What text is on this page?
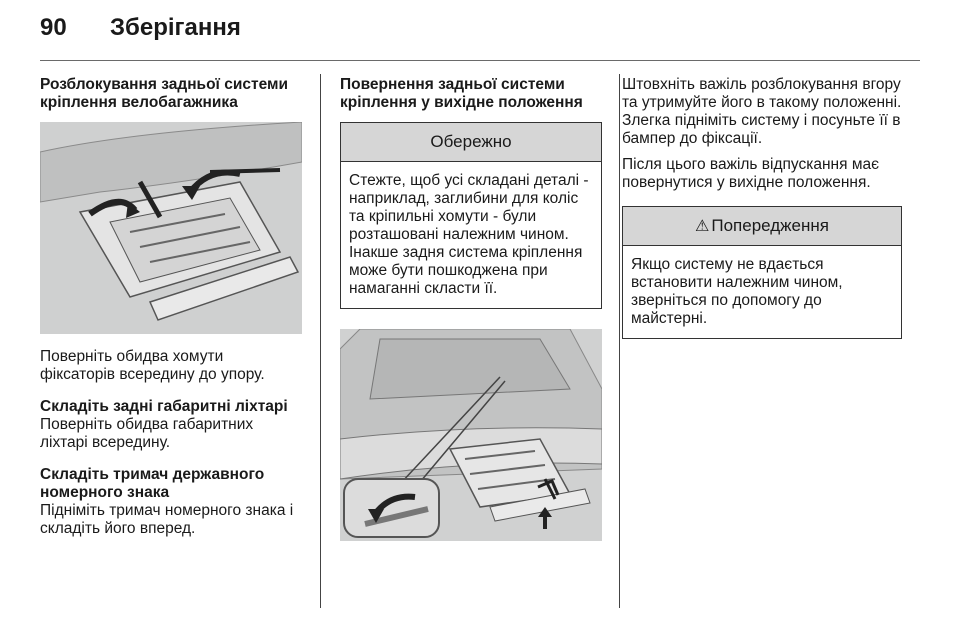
90	Зберігання
Розблокування задньої системи кріплення велобагажника

Поверніть обидва хомути фіксаторів всередину до упору.

Складіть задні габаритні ліхтарі

Поверніть обидва габаритних ліхтарі всередину.

Складіть тримач державного номерного знака

Підніміть тримач номерного знака і складіть його вперед.

Повернення задньої системи кріплення у вихідне положення
Обережно

Стежте, щоб усі складані деталі - наприклад, заглибини для коліс та кріпильні хомути - були розташовані належним чином. Інакше задня система кріплення може бути пошкоджена при намаганні скласти її.

Штовхніть важіль розблокування вгору та утримуйте його в такому положенні. Злегка підніміть систему і посуньте її в бампер до фіксації.

Після цього важіль відпускання має повернутися у вихідне положення.

⚠ Попередження

Якщо систему не вдається встановити належним чином, зверніться по допомогу до майстерні.
